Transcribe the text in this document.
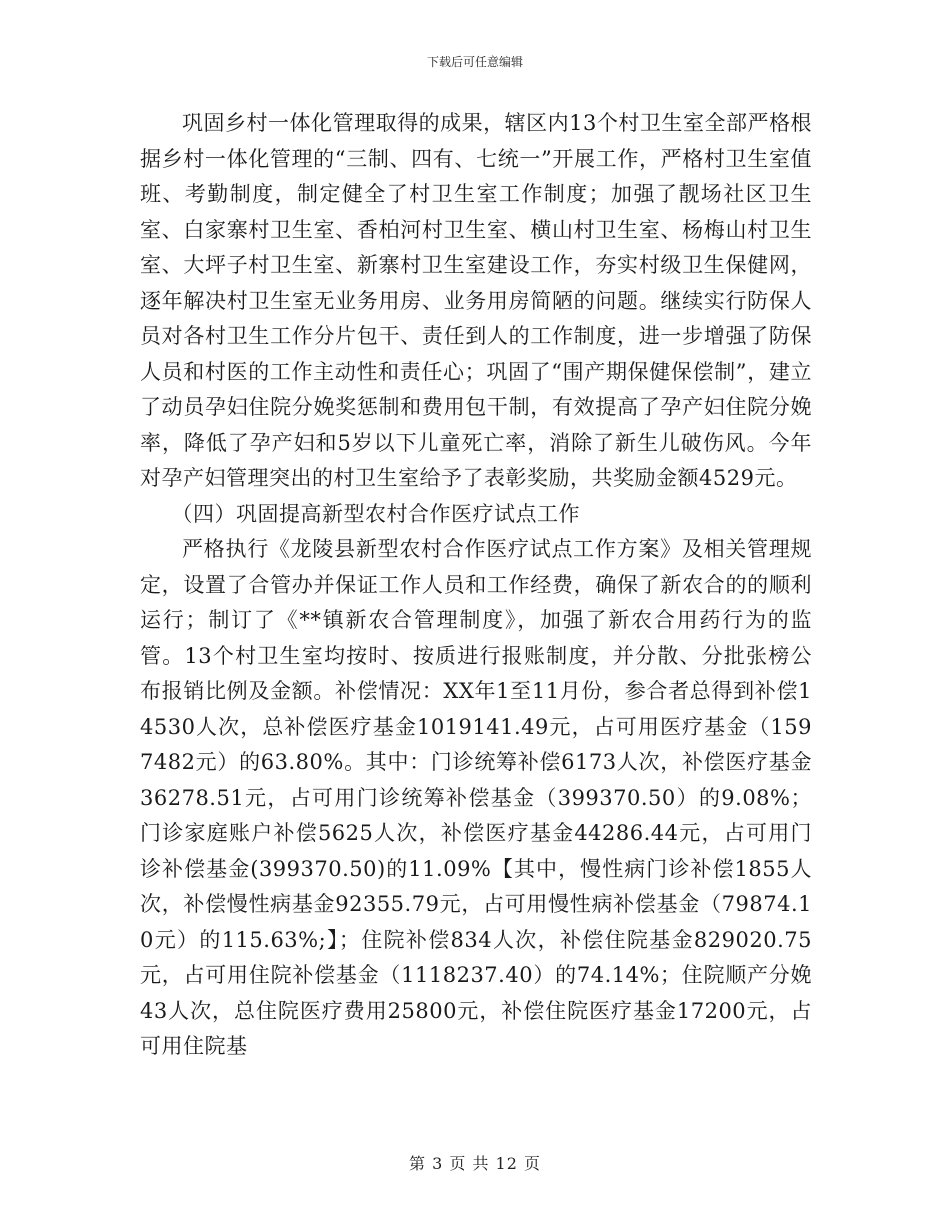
下载后可任意编辑

巩固乡村一体化管理取得的成果，辖区内13个村卫生室全部严格根据乡村一体化管理的“三制、四有、七统一”开展工作，严格村卫生室值班、考勤制度，制定健全了村卫生室工作制度；加强了靓场社区卫生室、白家寨村卫生室、香柏河村卫生室、横山村卫生室、杨梅山村卫生室、大坪子村卫生室、新寨村卫生室建设工作，夯实村级卫生保健网，逐年解决村卫生室无业务用房、业务用房简陋的问题。继续实行防保人员对各村卫生工作分片包干、责任到人的工作制度，进一步增强了防保人员和村医的工作主动性和责任心；巩固了“围产期保健保偿制”，建立了动员孕妇住院分娩奖惩制和费用包干制，有效提高了孕产妇住院分娩率，降低了孕产妇和5岁以下儿童死亡率，消除了新生儿破伤风。今年对孕产妇管理突出的村卫生室给予了表彰奖励，共奖励金额4529元。

（四）巩固提高新型农村合作医疗试点工作

严格执行《龙陵县新型农村合作医疗试点工作方案》及相关管理规定，设置了合管办并保证工作人员和工作经费，确保了新农合的的顺利运行；制订了《**镇新农合管理制度》，加强了新农合用药行为的监管。13个村卫生室均按时、按质进行报账制度，并分散、分批张榜公布报销比例及金额。补偿情况：XX年1至11月份，参合者总得到补偿14530人次，总补偿医疗基金1019141.49元，占可用医疗基金（1597482元）的63.80%。其中：门诊统筹补偿6173人次，补偿医疗基金36278.51元，占可用门诊统筹补偿基金（399370.50）的9.08%；门诊家庭账户补偿5625人次，补偿医疗基金44286.44元，占可用门诊补偿基金(399370.50)的11.09%【其中，慢性病门诊补偿1855人次，补偿慢性病基金92355.79元，占可用慢性病补偿基金（79874.10元）的115.63%;】；住院补偿834人次，补偿住院基金829020.75元，占可用住院补偿基金（1118237.40）的74.14%；住院顺产分娩43人次，总住院医疗费用25800元，补偿住院医疗基金17200元，占可用住院基

第 3 页 共 12 页
